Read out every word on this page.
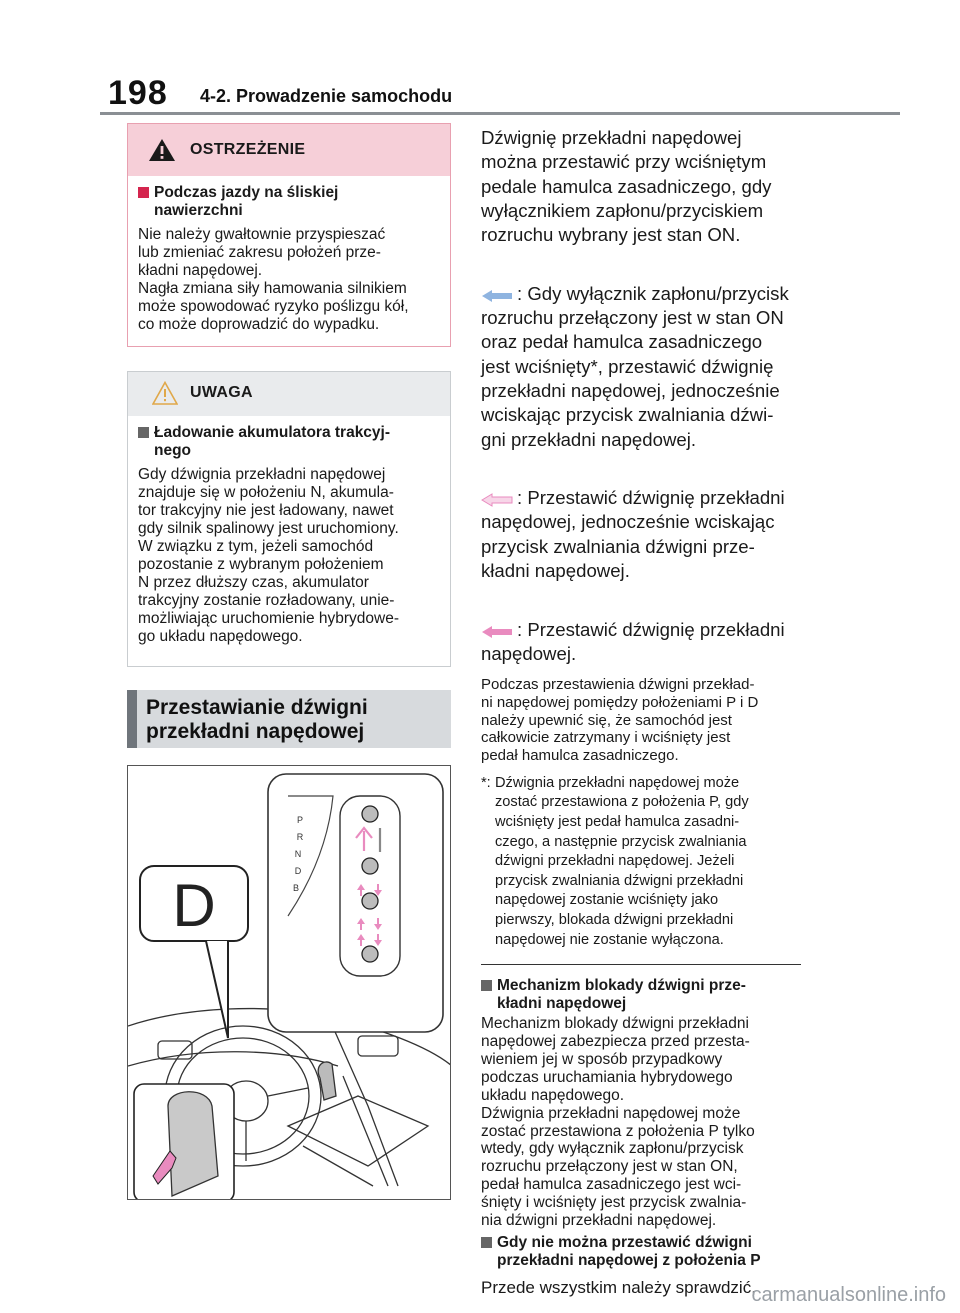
198 4-2. Prowadzenie samochodu
OSTRZEŻENIE
Podczas jazdy na śliskiej
nawierzchni
Nie należy gwałtownie przyspieszać
lub zmieniać zakresu położeń prze-
kładni napędowej.
Nagła zmiana siły hamowania silnikiem
może spowodować ryzyko poślizgu kół,
co może doprowadzić do wypadku.
UWAGA
Ładowanie akumulatora trakcyj-
nego
Gdy dźwignia przekładni napędowej
znajduje się w położeniu N, akumula-
tor trakcyjny nie jest ładowany, nawet
gdy silnik spalinowy jest uruchomiony.
W związku z tym, jeżeli samochód
pozostanie z wybranym położeniem
N przez dłuższy czas, akumulator
trakcyjny zostanie rozładowany, unie-
możliwiając uruchomienie hybrydowe-
go układu napędowego.
Przestawianie dźwigni
przekładni napędowej
P
R
N
D
B
D
Dźwignię przekładni napędowej
można przestawić przy wciśniętym
pedale hamulca zasadniczego, gdy
wyłącznikiem zapłonu/przyciskiem
rozruchu wybrany jest stan ON.

: Gdy wyłącznik zapłonu/przycisk
rozruchu przełączony jest w stan ON
oraz pedał hamulca zasadniczego
jest wciśnięty*, przestawić dźwignię
przekładni napędowej, jednocześnie
wciskając przycisk zwalniania dźwi-
gni przekładni napędowej.

: Przestawić dźwignię przekładni
napędowej, jednocześnie wciskając
przycisk zwalniania dźwigni prze-
kładni napędowej.

: Przestawić dźwignię przekładni
napędowej.

Podczas przestawienia dźwigni przekład-
ni napędowej pomiędzy położeniami P i D
należy upewnić się, że samochód jest
całkowicie zatrzymany i wciśnięty jest
pedał hamulca zasadniczego.
*: Dźwignia przekładni napędowej może
zostać przestawiona z położenia P, gdy
wciśnięty jest pedał hamulca zasadni-
czego, a następnie przycisk zwalniania
dźwigni przekładni napędowej. Jeżeli
przycisk zwalniania dźwigni przekładni
napędowej zostanie wciśnięty jako
pierwszy, blokada dźwigni przekładni
napędowej nie zostanie wyłączona.
Mechanizm blokady dźwigni prze-
kładni napędowej
Mechanizm blokady dźwigni przekładni
napędowej zabezpiecza przed przesta-
wieniem jej w sposób przypadkowy
podczas uruchamiania hybrydowego
układu napędowego.
Dźwignia przekładni napędowej może
zostać przestawiona z położenia P tylko
wtedy, gdy wyłącznik zapłonu/przycisk
rozruchu przełączony jest w stan ON,
pedał hamulca zasadniczego jest wci-
śnięty i wciśnięty jest przycisk zwalnia-
nia dźwigni przekładni napędowej.
Gdy nie można przestawić dźwigni
przekładni napędowej z położenia P
Przede wszystkim należy sprawdzić,
carmanualsonline.info
